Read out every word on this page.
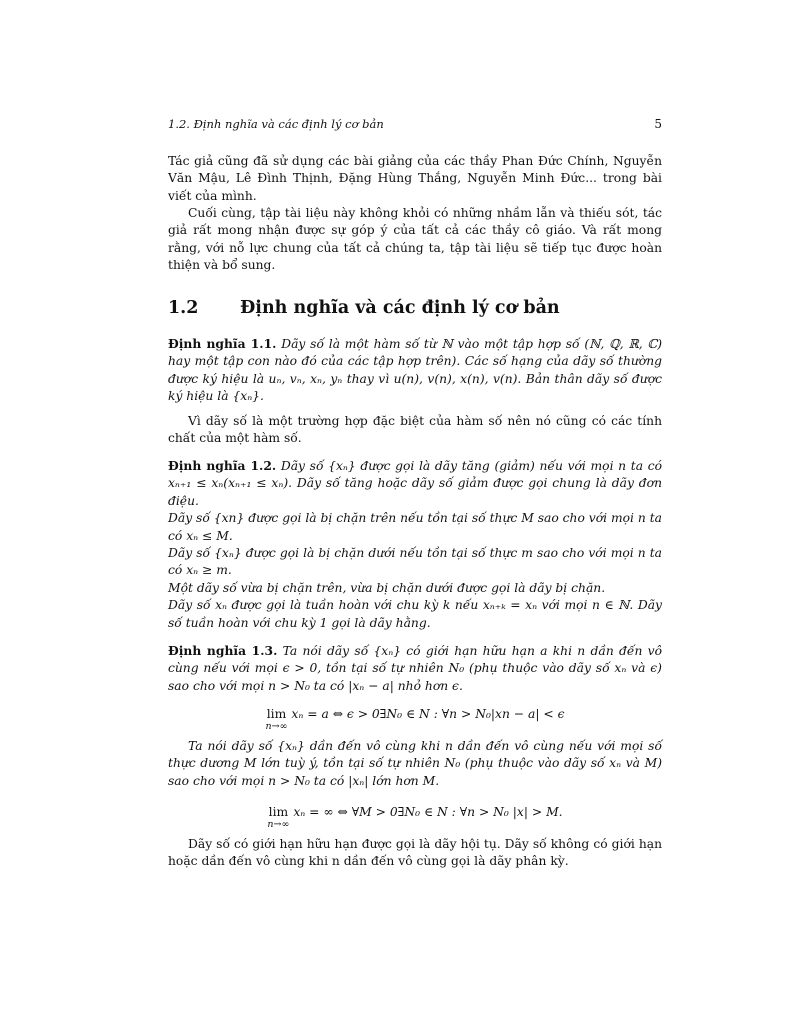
1.2. Định nghĩa và các định lý cơ bản	5

Tác giả cũng đã sử dụng các bài giảng của các thầy Phan Đức Chính, Nguyễn Văn Mậu, Lê Đình Thịnh, Đặng Hùng Thắng, Nguyễn Minh Đức... trong bài viết của mình.

Cuối cùng, tập tài liệu này không khỏi có những nhầm lẫn và thiếu sót, tác giả rất mong nhận được sự góp ý của tất cả các thầy cô giáo. Và rất mong rằng, với nỗ lực chung của tất cả chúng ta, tập tài liệu sẽ tiếp tục được hoàn thiện và bổ sung.

1.2 Định nghĩa và các định lý cơ bản
Định nghĩa 1.1. Dãy số là một hàm số từ ℕ vào một tập hợp số (ℕ, ℚ, ℝ, ℂ) hay một tập con nào đó của các tập hợp trên). Các số hạng của dãy số thường được ký hiệu là uₙ, vₙ, xₙ, yₙ thay vì u(n), v(n), x(n), v(n). Bản thân dãy số được ký hiệu là {xₙ}.

Vì dãy số là một trường hợp đặc biệt của hàm số nên nó cũng có các tính chất của một hàm số.

Định nghĩa 1.2. Dãy số {xₙ} được gọi là dãy tăng (giảm) nếu với mọi n ta có xₙ₊₁ ≤ xₙ(xₙ₊₁ ≤ xₙ). Dãy số tăng hoặc dãy số giảm được gọi chung là dãy đơn điệu.
Dãy số {xn} được gọi là bị chặn trên nếu tồn tại số thực M sao cho với mọi n ta có xₙ ≤ M.
Dãy số {xₙ} được gọi là bị chặn dưới nếu tồn tại số thực m sao cho với mọi n ta có xₙ ≥ m.
Một dãy số vừa bị chặn trên, vừa bị chặn dưới được gọi là dãy bị chặn.
Dãy số xₙ được gọi là tuần hoàn với chu kỳ k nếu xₙ₊ₖ = xₙ với mọi n ∈ ℕ. Dãy số tuần hoàn với chu kỳ 1 gọi là dãy hằng.
Định nghĩa 1.3. Ta nói dãy số {xₙ} có giới hạn hữu hạn a khi n dần đến vô cùng nếu với mọi ϵ > 0, tồn tại số tự nhiên N₀ (phụ thuộc vào dãy số xₙ và ϵ) sao cho với mọi n > N₀ ta có |xₙ − a| nhỏ hơn ϵ.
lim
n→∞
xₙ = a ⇔ ϵ > 0∃N₀ ∈ N : ∀n > N₀|xn − a| < ϵ

Ta nói dãy số {xₙ} dần đến vô cùng khi n dần đến vô cùng nếu với mọi số thực dương M lớn tuỳ ý, tồn tại số tự nhiên N₀ (phụ thuộc vào dãy số xₙ và M) sao cho với mọi n > N₀ ta có |xₙ| lớn hơn M.

lim
n→∞
xₙ = ∞ ⇔ ∀M > 0∃N₀ ∈ N : ∀n > N₀ |x| > M.

Dãy số có giới hạn hữu hạn được gọi là dãy hội tụ. Dãy số không có giới hạn hoặc dần đến vô cùng khi n dần đến vô cùng gọi là dãy phân kỳ.
